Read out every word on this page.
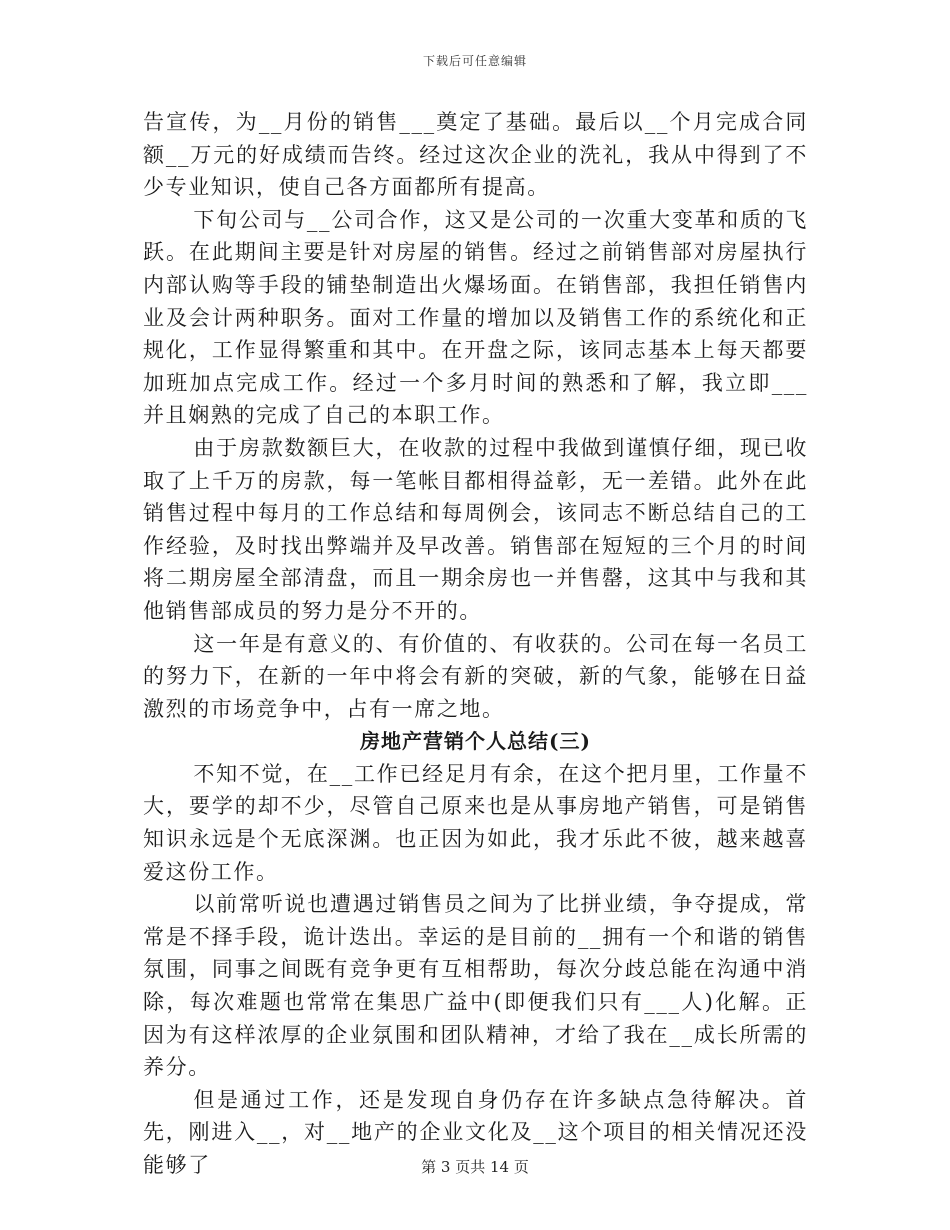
下载后可任意编辑

告宣传，为__月份的销售___奠定了基础。最后以__个月完成合同额__万元的好成绩而告终。经过这次企业的洗礼，我从中得到了不少专业知识，使自己各方面都所有提高。

下旬公司与__公司合作，这又是公司的一次重大变革和质的飞跃。在此期间主要是针对房屋的销售。经过之前销售部对房屋执行内部认购等手段的铺垫制造出火爆场面。在销售部，我担任销售内业及会计两种职务。面对工作量的增加以及销售工作的系统化和正规化，工作显得繁重和其中。在开盘之际，该同志基本上每天都要加班加点完成工作。经过一个多月时间的熟悉和了解，我立即___并且娴熟的完成了自己的本职工作。

由于房款数额巨大，在收款的过程中我做到谨慎仔细，现已收取了上千万的房款，每一笔帐目都相得益彰，无一差错。此外在此销售过程中每月的工作总结和每周例会，该同志不断总结自己的工作经验，及时找出弊端并及早改善。销售部在短短的三个月的时间将二期房屋全部清盘，而且一期余房也一并售罄，这其中与我和其他销售部成员的努力是分不开的。

这一年是有意义的、有价值的、有收获的。公司在每一名员工的努力下，在新的一年中将会有新的突破，新的气象，能够在日益激烈的市场竞争中，占有一席之地。

房地产营销个人总结(三)

不知不觉，在__工作已经足月有余，在这个把月里，工作量不大，要学的却不少，尽管自己原来也是从事房地产销售，可是销售知识永远是个无底深渊。也正因为如此，我才乐此不彼，越来越喜爱这份工作。

以前常听说也遭遇过销售员之间为了比拼业绩，争夺提成，常常是不择手段，诡计迭出。幸运的是目前的__拥有一个和谐的销售氛围，同事之间既有竞争更有互相帮助，每次分歧总能在沟通中消除，每次难题也常常在集思广益中(即便我们只有___人)化解。正因为有这样浓厚的企业氛围和团队精神，才给了我在__成长所需的养分。

但是通过工作，还是发现自身仍存在许多缺点急待解决。首先，刚进入__，对__地产的企业文化及__这个项目的相关情况还没能够了	第 3 页共 14 页
